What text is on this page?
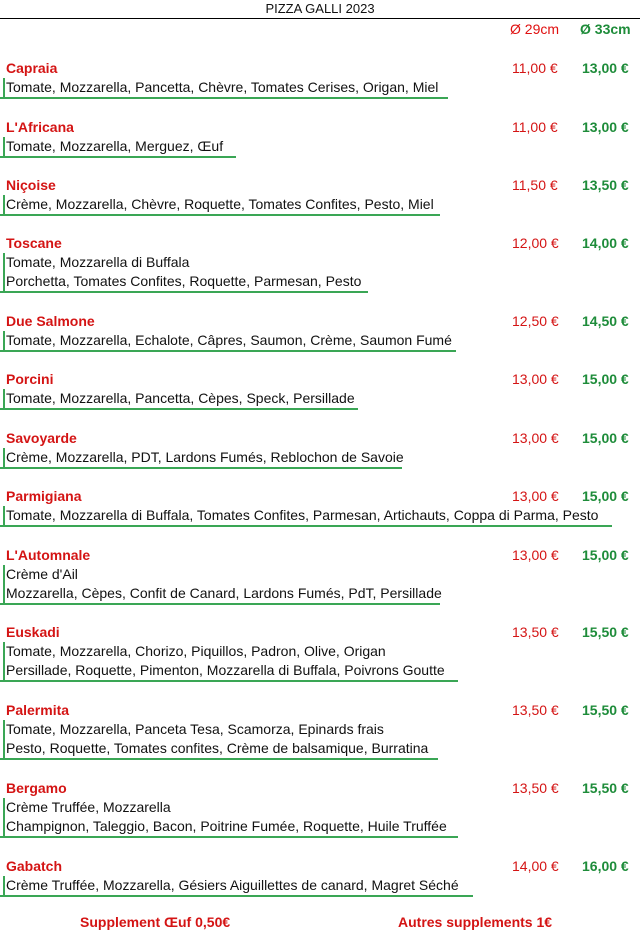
PIZZA GALLI 2023
Ø 29cm Ø 33cm
Capraia	11,00 € 13,00 €
Tomate, Mozzarella, Pancetta, Chèvre, Tomates Cerises, Origan, Miel
L'Africana	11,00 € 13,00 €
Tomate, Mozzarella, Merguez, Œuf
Niçoise	11,50 € 13,50 €
Crème, Mozzarella, Chèvre, Roquette, Tomates Confites, Pesto, Miel
Toscane	12,00 € 14,00 €
Tomate, Mozzarella di Buffala
Porchetta, Tomates Confites, Roquette, Parmesan, Pesto
Due Salmone	12,50 € 14,50 €
Tomate, Mozzarella, Echalote, Câpres, Saumon, Crème, Saumon Fumé
Porcini	13,00 € 15,00 €
Tomate, Mozzarella, Pancetta, Cèpes, Speck, Persillade
Savoyarde	13,00 € 15,00 €
Crème, Mozzarella, PDT, Lardons Fumés, Reblochon de Savoie
Parmigiana	13,00 € 15,00 €
Tomate, Mozzarella di Buffala, Tomates Confites, Parmesan, Artichauts, Coppa di Parma, Pesto
L'Automnale	13,00 € 15,00 €
Crème d'Ail
Mozzarella, Cèpes, Confit de Canard, Lardons Fumés, PdT, Persillade
Euskadi	13,50 € 15,50 €
Tomate, Mozzarella, Chorizo, Piquillos, Padron, Olive, Origan
Persillade, Roquette, Pimenton, Mozzarella di Buffala, Poivrons Goutte
Palermita	13,50 € 15,50 €
Tomate, Mozzarella, Panceta Tesa, Scamorza, Epinards frais
Pesto, Roquette, Tomates confites, Crème de balsamique, Burratina
Bergamo	13,50 € 15,50 €
Crème Truffée, Mozzarella
Champignon, Taleggio, Bacon, Poitrine Fumée, Roquette, Huile Truffée
Gabatch	14,00 € 16,00 €
Crème Truffée, Mozzarella, Gésiers Aiguillettes de canard, Magret Séché
Supplement Œuf 0,50€	Autres supplements 1€
